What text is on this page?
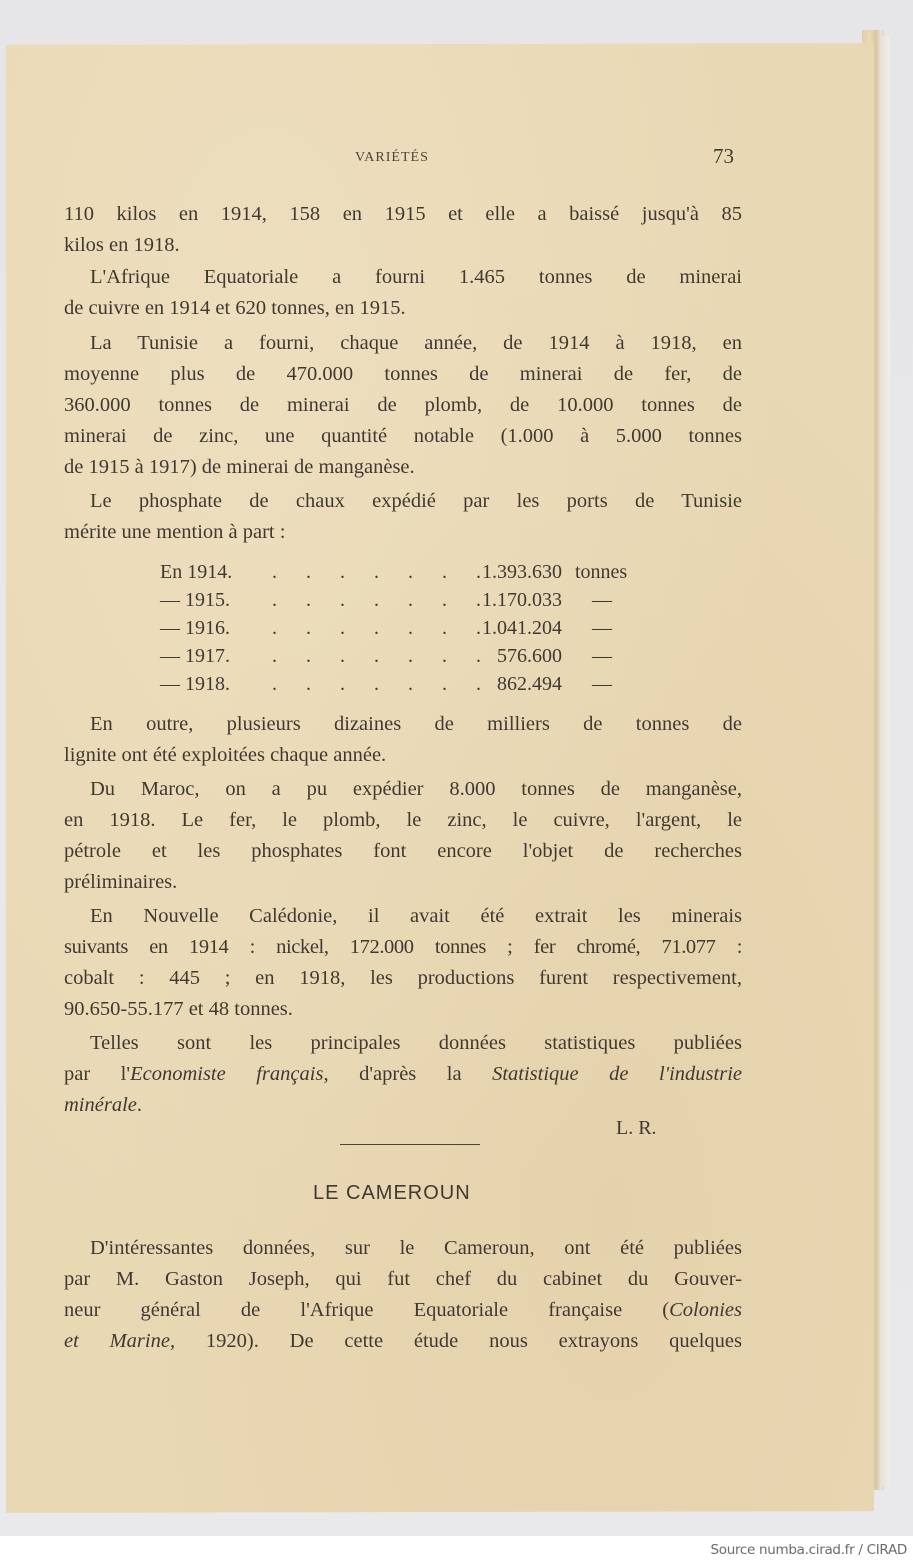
VARIÉTÉS	73
110 kilos en 1914, 158 en 1915 et elle a baissé jusqu'à 85
kilos en 1918.
L'Afrique Equatoriale a fourni 1.465 tonnes de minerai
de cuivre en 1914 et 620 tonnes, en 1915.
La Tunisie a fourni, chaque année, de 1914 à 1918, en
moyenne plus de 470.000 tonnes de minerai de fer, de
360.000 tonnes de minerai de plomb, de 10.000 tonnes de
minerai de zinc, une quantité notable (1.000 à 5.000 tonnes
de 1915 à 1917) de minerai de manganèse.
Le phosphate de chaux expédié par les ports de Tunisie
mérite une mention à part :
En 1914. . . . . . . .
1.393.630 tonnes
— 1915. . . . . . . .
1.170.033 —
— 1916. . . . . . . .
1.041.204 —
— 1917. . . . . . . . 576.600 —
— 1918. . . . . . . . 862.494 —
En outre, plusieurs dizaines de milliers de tonnes de
lignite ont été exploitées chaque année.
Du Maroc, on a pu expédier 8.000 tonnes de manganèse,
en 1918. Le fer, le plomb, le zinc, le cuivre, l'argent, le
pétrole et les phosphates font encore l'objet de recherches
préliminaires.
En Nouvelle Calédonie, il avait été extrait les minerais
suivants en 1914 : nickel, 172.000 tonnes ; fer chromé, 71.077 :
cobalt : 445 ; en 1918, les productions furent respectivement,
90.650-55.177 et 48 tonnes.
Telles sont les principales données statistiques publiées
par l'Economiste français, d'après la Statistique de l'industrie
minérale.
L. R.
LE CAMEROUN
D'intéressantes données, sur le Cameroun, ont été publiées
par M. Gaston Joseph, qui fut chef du cabinet du Gouver-
neur général de l'Afrique Equatoriale française (Colonies
et Marine, 1920). De cette étude nous extrayons quelques
Source numba.cirad.fr / CIRAD
